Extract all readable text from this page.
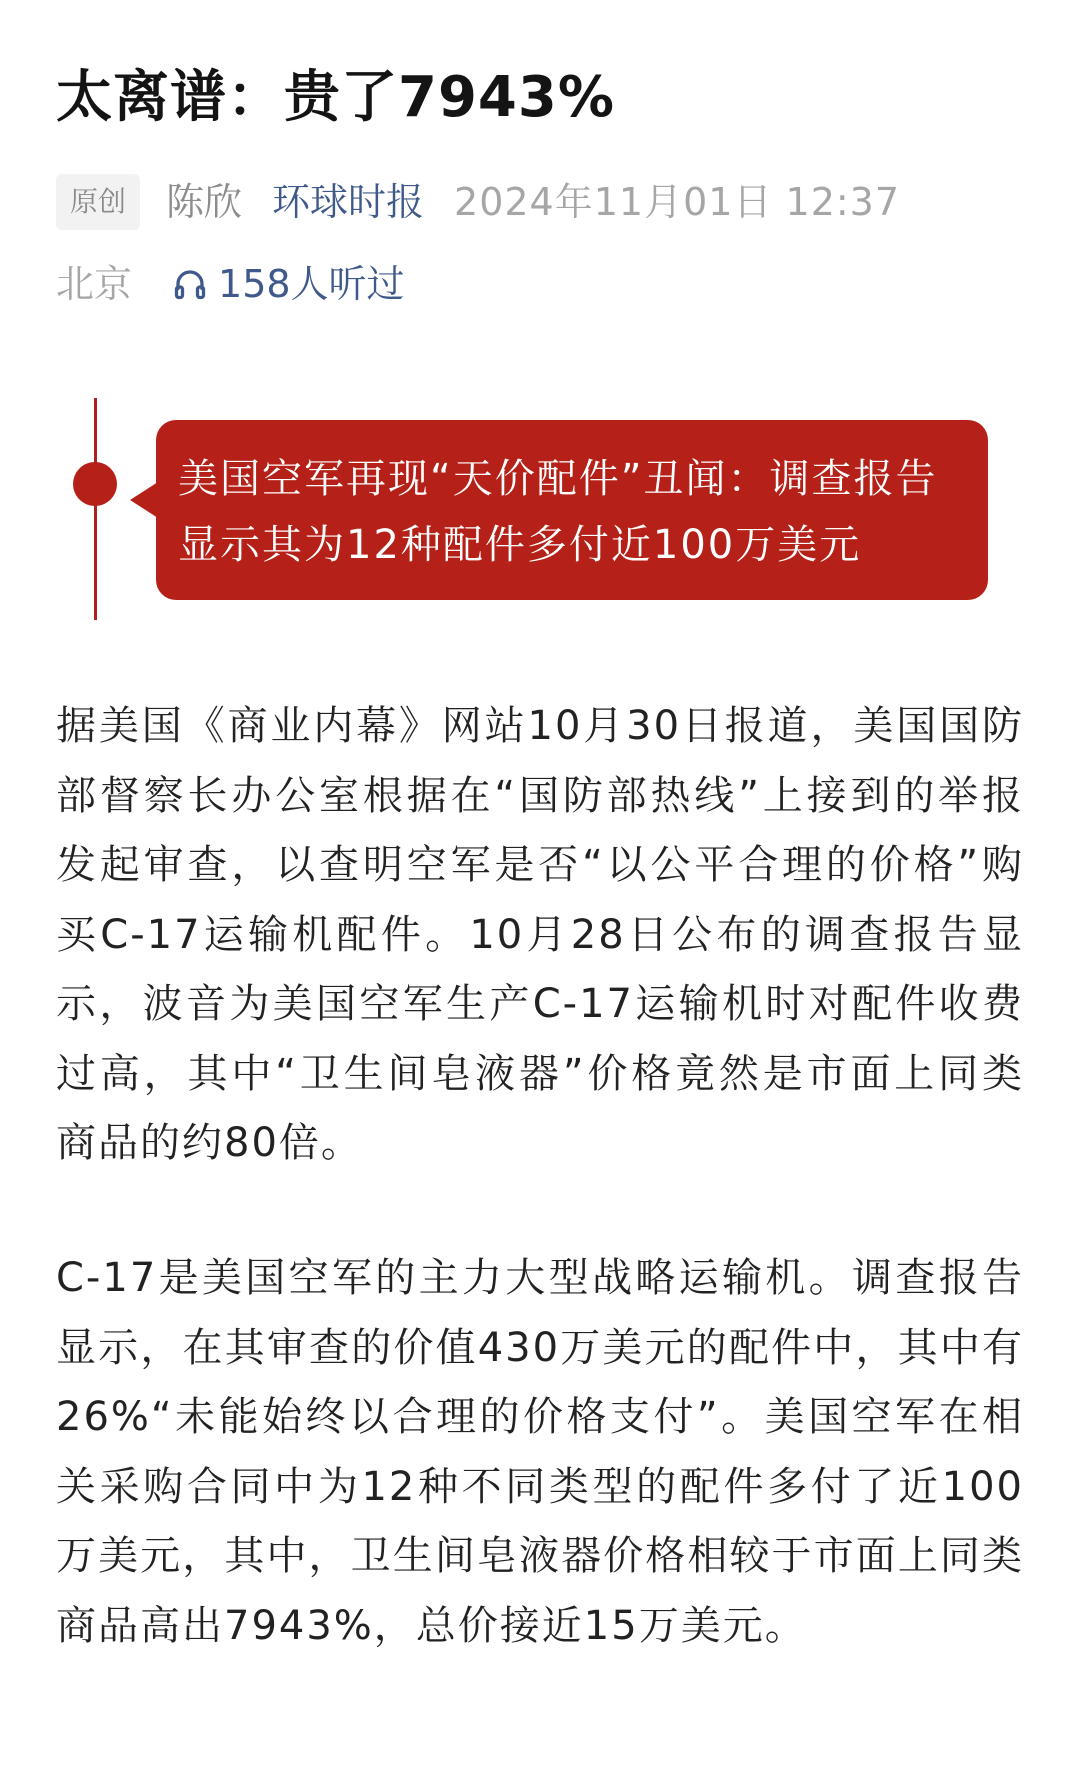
太离谱：贵了7943%
原创	陈欣 环球时报 2024年11月01日 12:37
北京 158人听过
美国空军再现“天价配件”丑闻：调查报告显示其为12种配件多付近100万美元

据美国《商业内幕》网站10月30日报道，美国国防部督察长办公室根据在“国防部热线”上接到的举报发起审查，以查明空军是否“以公平合理的价格”购买C-17运输机配件。10月28日公布的调查报告显示，波音为美国空军生产C-17运输机时对配件收费过高，其中“卫生间皂液器”价格竟然是市面上同类商品的约80倍。

C-17是美国空军的主力大型战略运输机。调查报告显示，在其审查的价值430万美元的配件中，其中有26%“未能始终以合理的价格支付”。美国空军在相关采购合同中为12种不同类型的配件多付了近100万美元，其中，卫生间皂液器价格相较于市面上同类商品高出7943%，总价接近15万美元。
